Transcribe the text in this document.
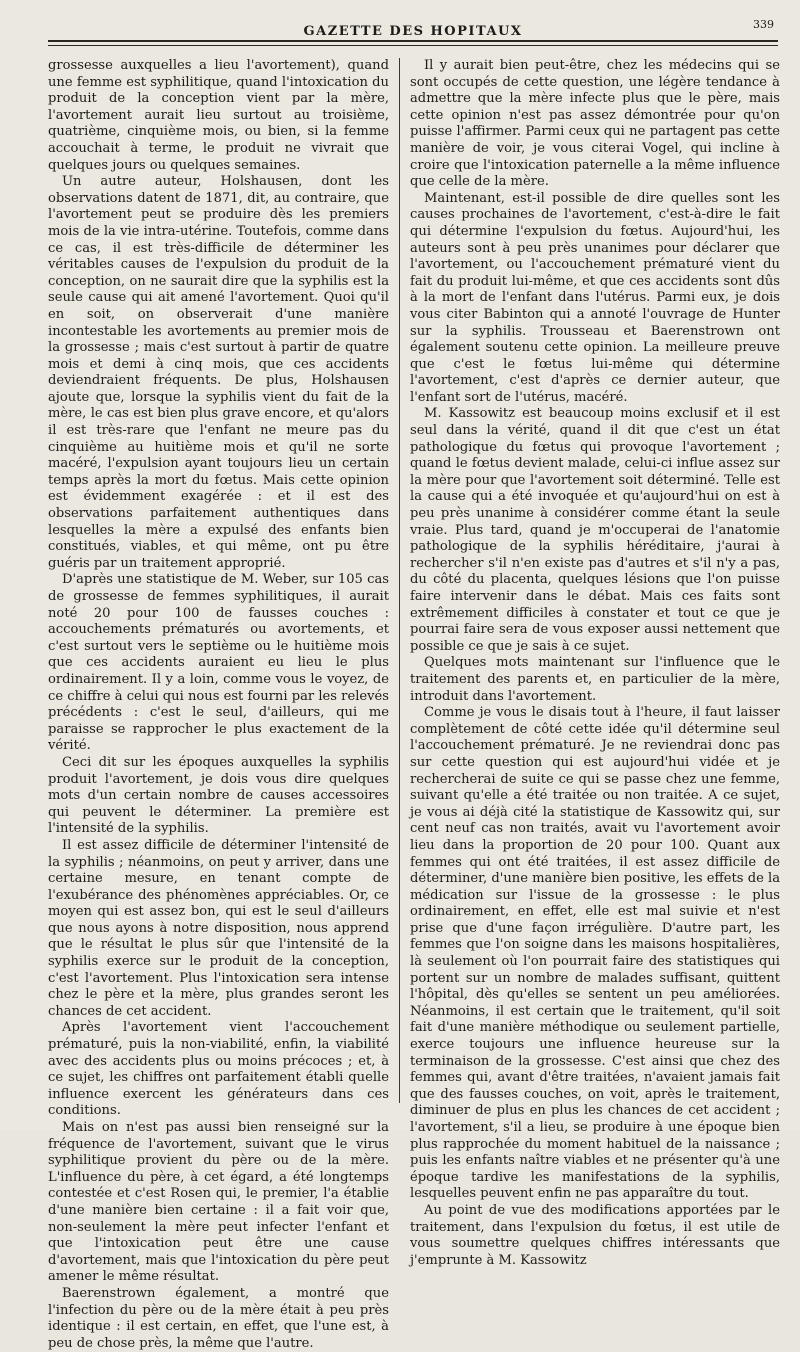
GAZETTE DES HOPITAUX	339

grossesse auxquelles a lieu l'avortement), quand une femme est syphilitique, quand l'intoxication du produit de la conception vient par la mère, l'avortement aurait lieu surtout au troisième, quatrième, cinquième mois, ou bien, si la femme accouchait à terme, le produit ne vivrait que quelques jours ou quelques semaines.

Un autre auteur, Holshausen, dont les observations datent de 1871, dit, au contraire, que l'avortement peut se produire dès les premiers mois de la vie intra-utérine. Toutefois, comme dans ce cas, il est très-difficile de déterminer les véritables causes de l'expulsion du produit de la conception, on ne saurait dire que la syphilis est la seule cause qui ait amené l'avortement. Quoi qu'il en soit, on observerait d'une manière incontestable les avortements au premier mois de la grossesse ; mais c'est surtout à partir de quatre mois et demi à cinq mois, que ces accidents deviendraient fréquents. De plus, Holshausen ajoute que, lorsque la syphilis vient du fait de la mère, le cas est bien plus grave encore, et qu'alors il est très-rare que l'enfant ne meure pas du cinquième au huitième mois et qu'il ne sorte macéré, l'expulsion ayant toujours lieu un certain temps après la mort du fœtus. Mais cette opinion est évidemment exagérée : et il est des observations parfaitement authentiques dans lesquelles la mère a expulsé des enfants bien constitués, viables, et qui même, ont pu être guéris par un traitement approprié.

D'après une statistique de M. Weber, sur 105 cas de grossesse de femmes syphilitiques, il aurait noté 20 pour 100 de fausses couches : accouchements prématurés ou avortements, et c'est surtout vers le septième ou le huitième mois que ces accidents auraient eu lieu le plus ordinairement. Il y a loin, comme vous le voyez, de ce chiffre à celui qui nous est fourni par les relevés précédents : c'est le seul, d'ailleurs, qui me paraisse se rapprocher le plus exactement de la vérité.

Ceci dit sur les époques auxquelles la syphilis produit l'avortement, je dois vous dire quelques mots d'un certain nombre de causes accessoires qui peuvent le déterminer. La première est l'intensité de la syphilis.

Il est assez difficile de déterminer l'intensité de la syphilis ; néanmoins, on peut y arriver, dans une certaine mesure, en tenant compte de l'exubérance des phénomènes appréciables. Or, ce moyen qui est assez bon, qui est le seul d'ailleurs que nous ayons à notre disposition, nous apprend que le résultat le plus sûr que l'intensité de la syphilis exerce sur le produit de la conception, c'est l'avortement. Plus l'intoxication sera intense chez le père et la mère, plus grandes seront les chances de cet accident.

Après l'avortement vient l'accouchement prématuré, puis la non-viabilité, enfin, la viabilité avec des accidents plus ou moins précoces ; et, à ce sujet, les chiffres ont parfaitement établi quelle influence exercent les générateurs dans ces conditions.

Mais on n'est pas aussi bien renseigné sur la fréquence de l'avortement, suivant que le virus syphilitique provient du père ou de la mère. L'influence du père, à cet égard, a été longtemps contestée et c'est Rosen qui, le premier, l'a établie d'une manière bien certaine : il a fait voir que, non-seulement la mère peut infecter l'enfant et que l'intoxication peut être une cause d'avortement, mais que l'intoxication du père peut amener le même résultat.

Baerenstrown également, a montré que l'infection du père ou de la mère était à peu près identique : il est certain, en effet, que l'une est, à peu de chose près, la même que l'autre.

Il y aurait bien peut-être, chez les médecins qui se sont occupés de cette question, une légère tendance à admettre que la mère infecte plus que le père, mais cette opinion n'est pas assez démontrée pour qu'on puisse l'affirmer. Parmi ceux qui ne partagent pas cette manière de voir, je vous citerai Vogel, qui incline à croire que l'intoxication paternelle a la même influence que celle de la mère.

Maintenant, est-il possible de dire quelles sont les causes prochaines de l'avortement, c'est-à-dire le fait qui détermine l'expulsion du fœtus. Aujourd'hui, les auteurs sont à peu près unanimes pour déclarer que l'avortement, ou l'accouchement prématuré vient du fait du produit lui-même, et que ces accidents sont dûs à la mort de l'enfant dans l'utérus. Parmi eux, je dois vous citer Babinton qui a annoté l'ouvrage de Hunter sur la syphilis. Trousseau et Baerenstrown ont également soutenu cette opinion. La meilleure preuve que c'est le fœtus lui-même qui détermine l'avortement, c'est d'après ce dernier auteur, que l'enfant sort de l'utérus, macéré.

M. Kassowitz est beaucoup moins exclusif et il est seul dans la vérité, quand il dit que c'est un état pathologique du fœtus qui provoque l'avortement ; quand le fœtus devient malade, celui-ci influe assez sur la mère pour que l'avortement soit déterminé. Telle est la cause qui a été invoquée et qu'aujourd'hui on est à peu près unanime à considérer comme étant la seule vraie. Plus tard, quand je m'occuperai de l'anatomie pathologique de la syphilis héréditaire, j'aurai à rechercher s'il n'en existe pas d'autres et s'il n'y a pas, du côté du placenta, quelques lésions que l'on puisse faire intervenir dans le débat. Mais ces faits sont extrêmement difficiles à constater et tout ce que je pourrai faire sera de vous exposer aussi nettement que possible ce que je sais à ce sujet.

Quelques mots maintenant sur l'influence que le traitement des parents et, en particulier de la mère, introduit dans l'avortement.

Comme je vous le disais tout à l'heure, il faut laisser complètement de côté cette idée qu'il détermine seul l'accouchement prématuré. Je ne reviendrai donc pas sur cette question qui est aujourd'hui vidée et je rechercherai de suite ce qui se passe chez une femme, suivant qu'elle a été traitée ou non traitée. A ce sujet, je vous ai déjà cité la statistique de Kassowitz qui, sur cent neuf cas non traités, avait vu l'avortement avoir lieu dans la proportion de 20 pour 100. Quant aux femmes qui ont été traitées, il est assez difficile de déterminer, d'une manière bien positive, les effets de la médication sur l'issue de la grossesse : le plus ordinairement, en effet, elle est mal suivie et n'est prise que d'une façon irrégulière. D'autre part, les femmes que l'on soigne dans les maisons hospitalières, là seulement où l'on pourrait faire des statistiques qui portent sur un nombre de malades suffisant, quittent l'hôpital, dès qu'elles se sentent un peu améliorées. Néanmoins, il est certain que le traitement, qu'il soit fait d'une manière méthodique ou seulement partielle, exerce toujours une influence heureuse sur la terminaison de la grossesse. C'est ainsi que chez des femmes qui, avant d'être traitées, n'avaient jamais fait que des fausses couches, on voit, après le traitement, diminuer de plus en plus les chances de cet accident ; l'avortement, s'il a lieu, se produire à une époque bien plus rapprochée du moment habituel de la naissance ; puis les enfants naître viables et ne présenter qu'à une époque tardive les manifestations de la syphilis, lesquelles peuvent enfin ne pas apparaître du tout.

Au point de vue des modifications apportées par le traitement, dans l'expulsion du fœtus, il est utile de vous soumettre quelques chiffres intéressants que j'emprunte à M. Kassowitz
